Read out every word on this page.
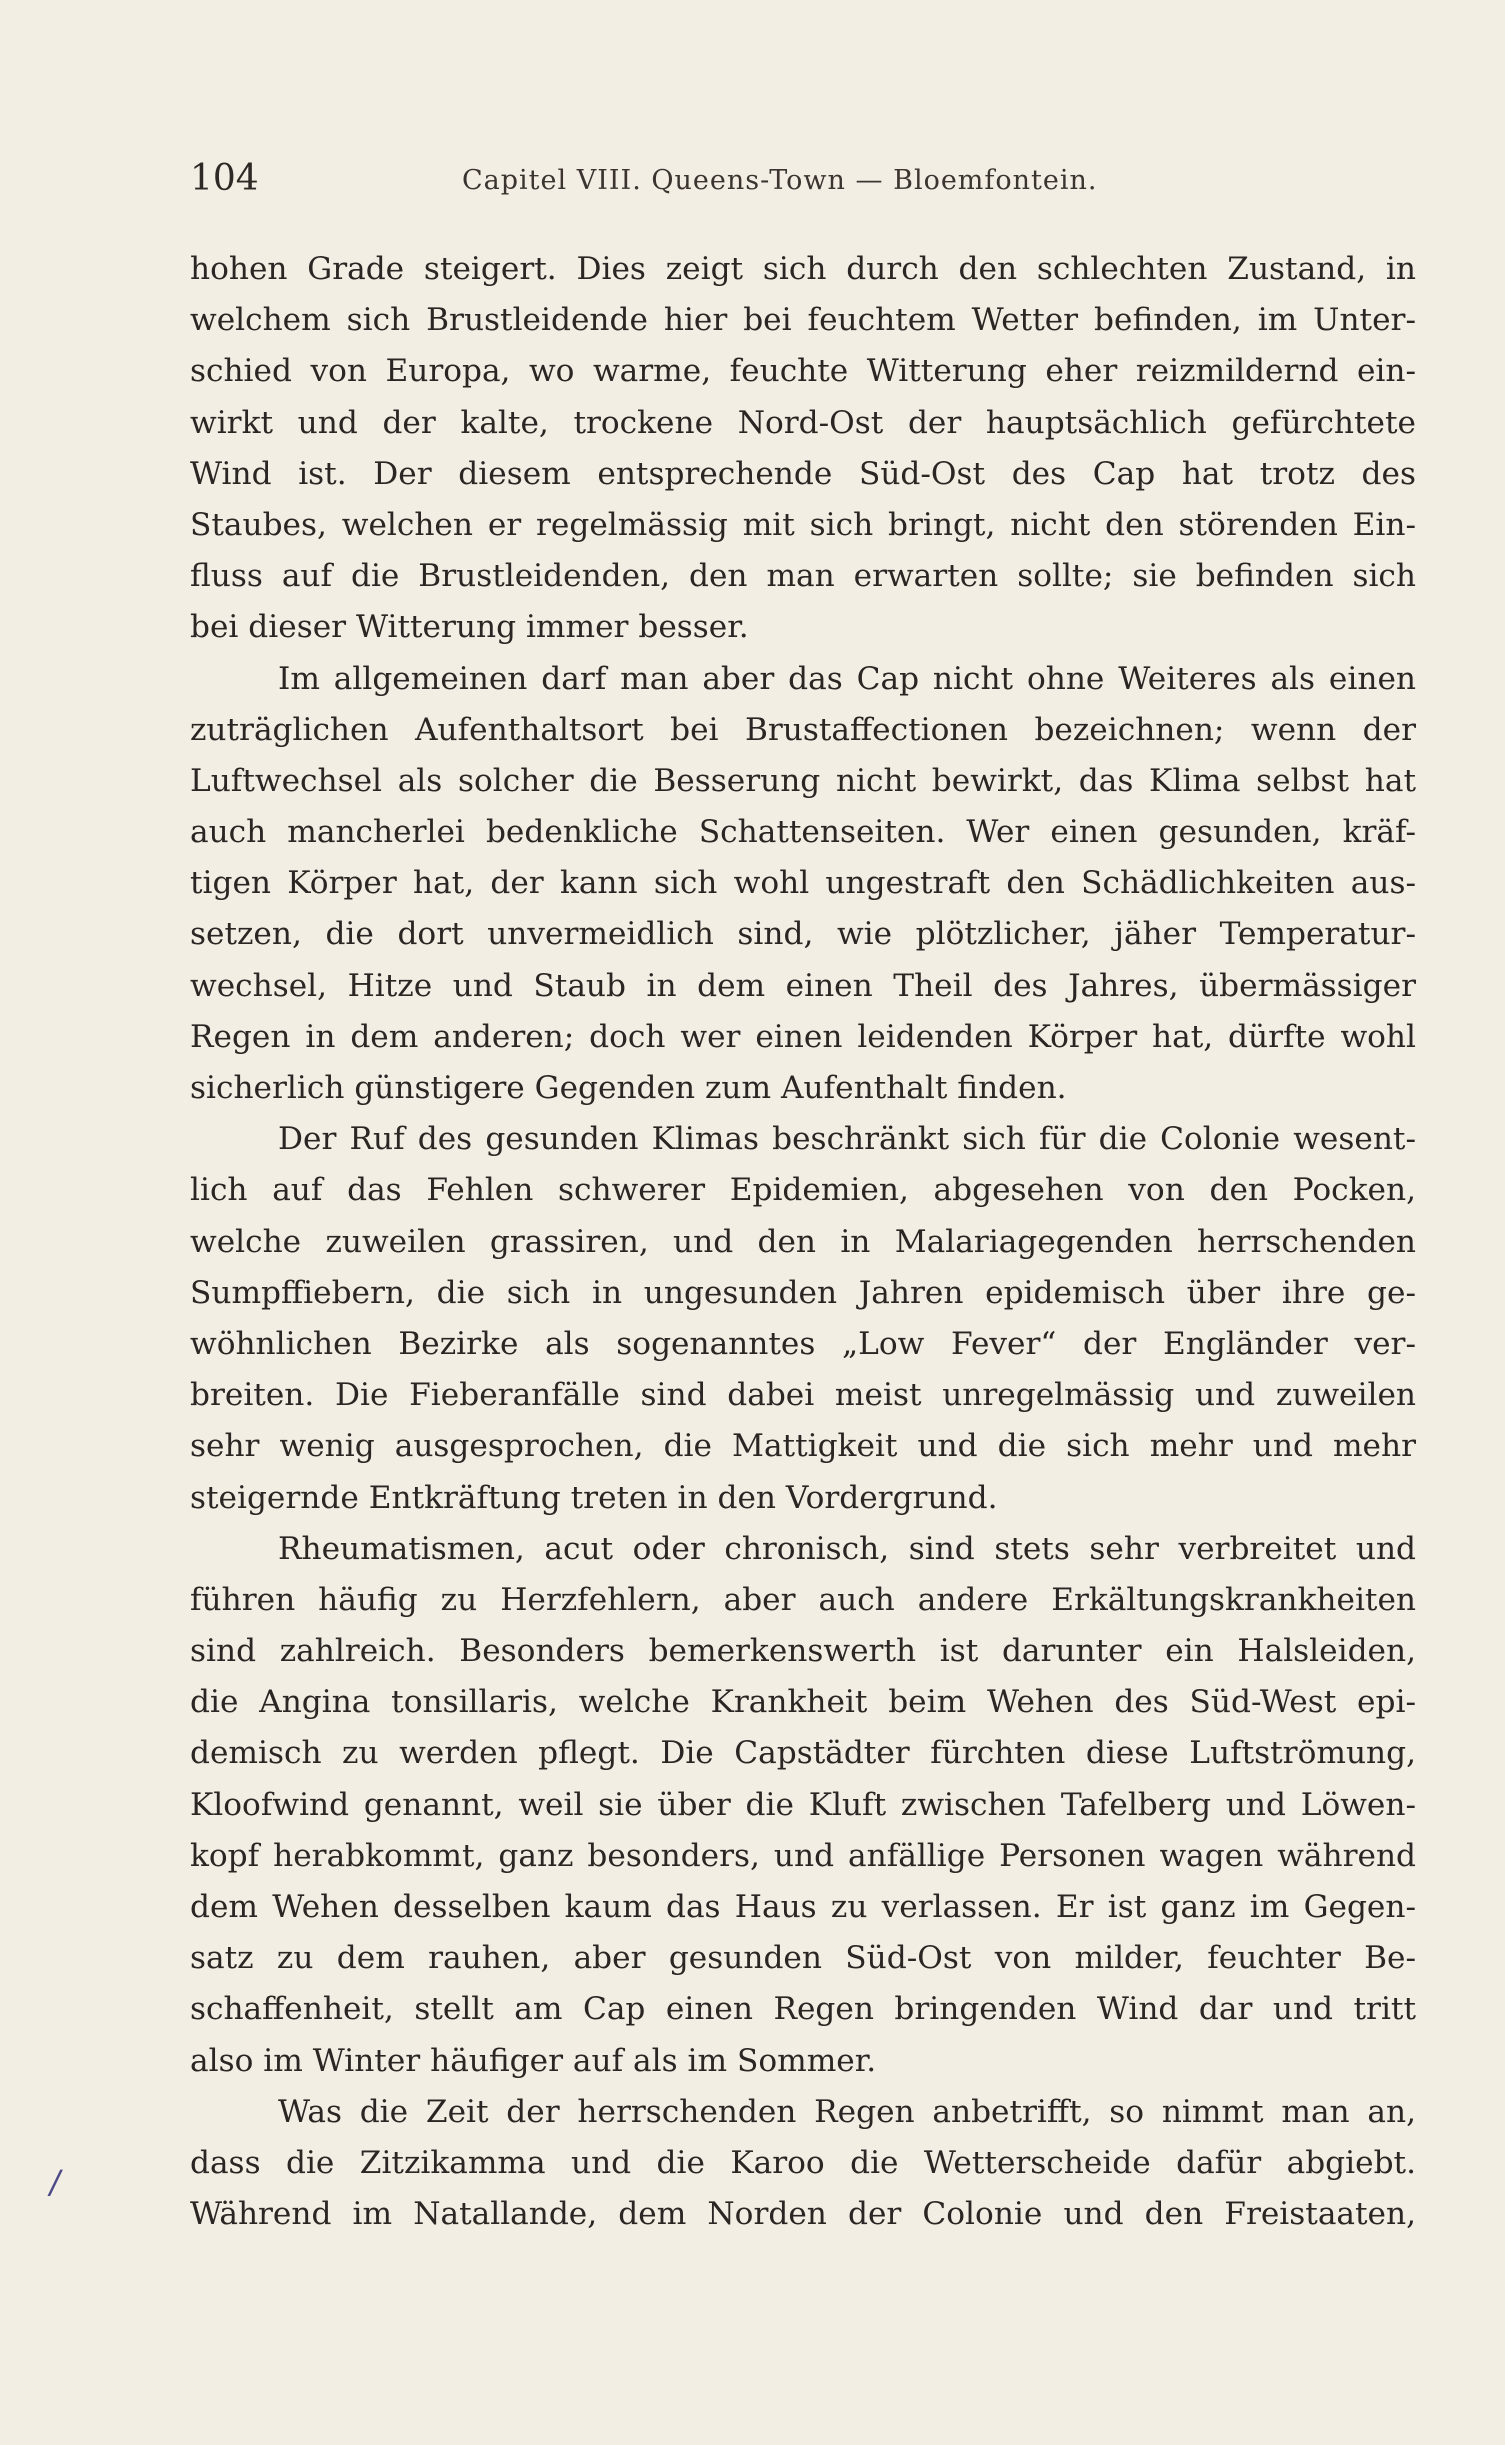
104	Capitel VIII. Queens-Town — Bloemfontein.
hohen Grade steigert. Dies zeigt sich durch den schlechten Zustand, in
welchem sich Brustleidende hier bei feuchtem Wetter befinden, im Unter-
schied von Europa, wo warme, feuchte Witterung eher reizmildernd ein-
wirkt und der kalte, trockene Nord-Ost der hauptsächlich gefürchtete
Wind ist. Der diesem entsprechende Süd-Ost des Cap hat trotz des
Staubes, welchen er regelmässig mit sich bringt, nicht den störenden Ein-
fluss auf die Brustleidenden, den man erwarten sollte; sie befinden sich
bei dieser Witterung immer besser.
Im allgemeinen darf man aber das Cap nicht ohne Weiteres als einen
zuträglichen Aufenthaltsort bei Brustaffectionen bezeichnen; wenn der
Luftwechsel als solcher die Besserung nicht bewirkt, das Klima selbst hat
auch mancherlei bedenkliche Schattenseiten. Wer einen gesunden, kräf-
tigen Körper hat, der kann sich wohl ungestraft den Schädlichkeiten aus-
setzen, die dort unvermeidlich sind, wie plötzlicher, jäher Temperatur-
wechsel, Hitze und Staub in dem einen Theil des Jahres, übermässiger
Regen in dem anderen; doch wer einen leidenden Körper hat, dürfte wohl
sicherlich günstigere Gegenden zum Aufenthalt finden.
Der Ruf des gesunden Klimas beschränkt sich für die Colonie wesent-
lich auf das Fehlen schwerer Epidemien, abgesehen von den Pocken,
welche zuweilen grassiren, und den in Malariagegenden herrschenden
Sumpffiebern, die sich in ungesunden Jahren epidemisch über ihre ge-
wöhnlichen Bezirke als sogenanntes „Low Fever“ der Engländer ver-
breiten. Die Fieberanfälle sind dabei meist unregelmässig und zuweilen
sehr wenig ausgesprochen, die Mattigkeit und die sich mehr und mehr
steigernde Entkräftung treten in den Vordergrund.
Rheumatismen, acut oder chronisch, sind stets sehr verbreitet und
führen häufig zu Herzfehlern, aber auch andere Erkältungskrankheiten
sind zahlreich. Besonders bemerkenswerth ist darunter ein Halsleiden,
die Angina tonsillaris, welche Krankheit beim Wehen des Süd-West epi-
demisch zu werden pflegt. Die Capstädter fürchten diese Luftströmung,
Kloofwind genannt, weil sie über die Kluft zwischen Tafelberg und Löwen-
kopf herabkommt, ganz besonders, und anfällige Personen wagen während
dem Wehen desselben kaum das Haus zu verlassen. Er ist ganz im Gegen-
satz zu dem rauhen, aber gesunden Süd-Ost von milder, feuchter Be-
schaffenheit, stellt am Cap einen Regen bringenden Wind dar und tritt
also im Winter häufiger auf als im Sommer.
Was die Zeit der herrschenden Regen anbetrifft, so nimmt man an,
dass die Zitzikamma und die Karoo die Wetterscheide dafür abgiebt.
Während im Natallande, dem Norden der Colonie und den Freistaaten,
/
